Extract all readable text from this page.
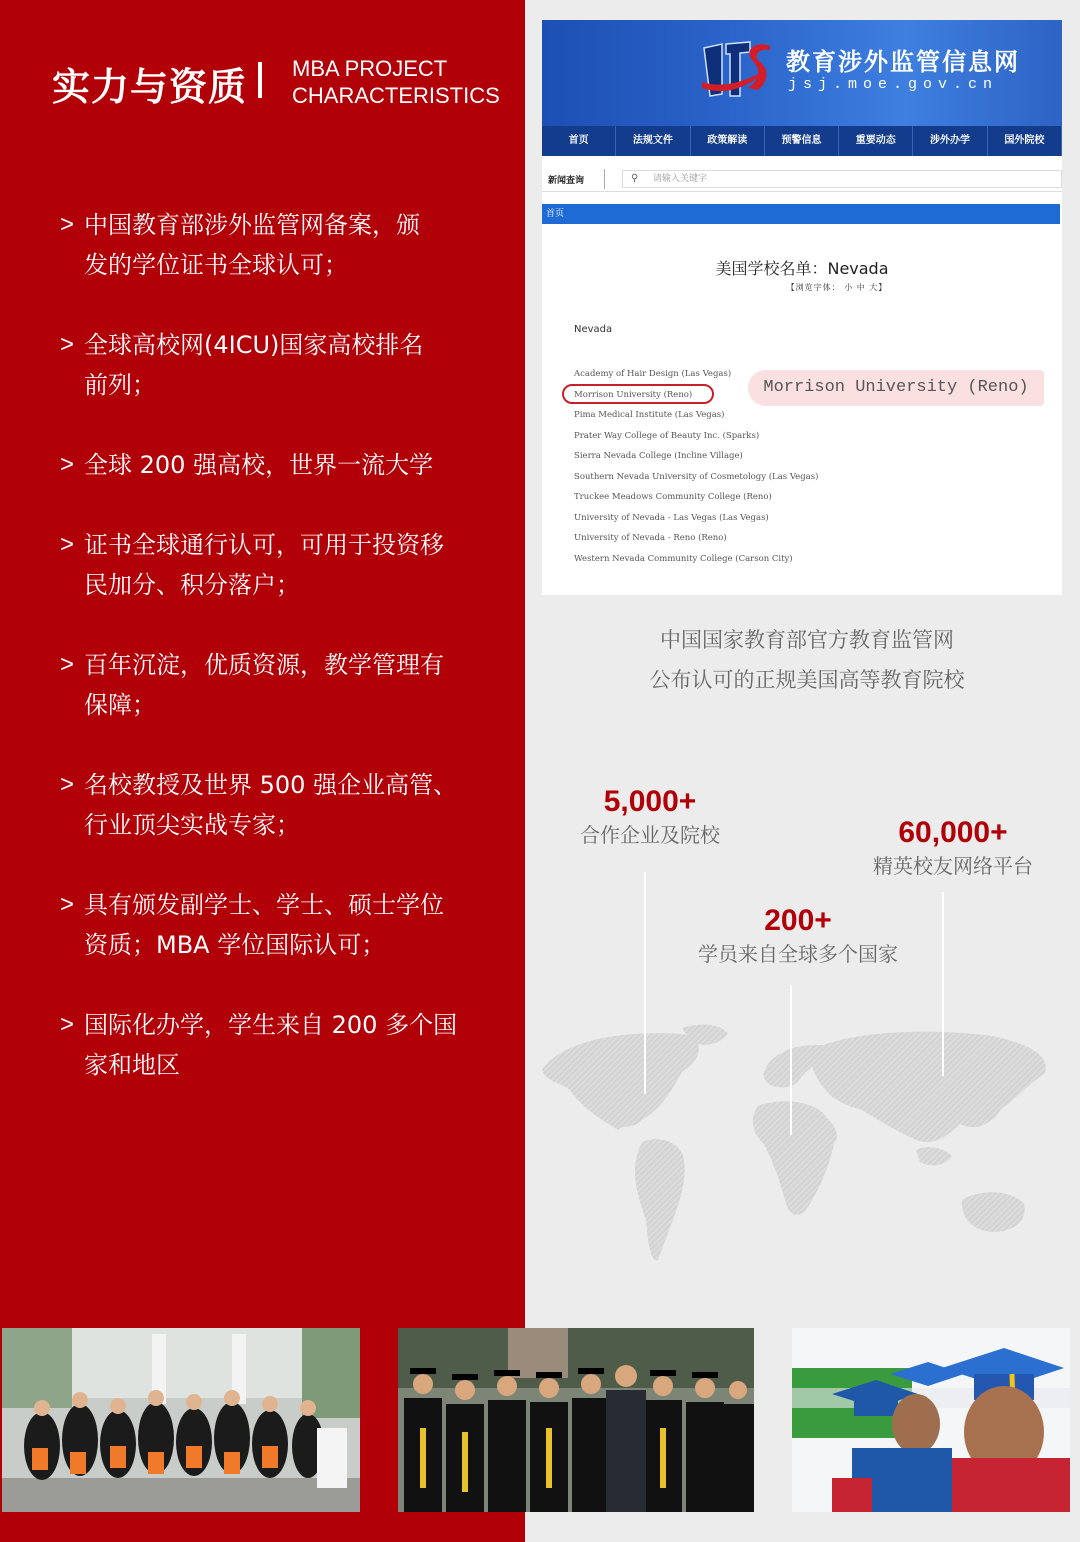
实力与资质 MBA PROJECT
CHARACTERISTICS
> 中国教育部涉外监管网备案，颁
发的学位证书全球认可；
> 全球高校网(4ICU)国家高校排名
前列；
> 全球 200 强高校，世界一流大学
> 证书全球通行认可，可用于投资移
民加分、积分落户；
> 百年沉淀，优质资源，教学管理有
保障；
> 名校教授及世界 500 强企业高管、
行业顶尖实战专家；
> 具有颁发副学士、学士、硕士学位
资质；MBA 学位国际认可；
> 国际化办学，学生来自 200 多个国
家和地区
教育涉外监管信息网
jsj.moe.gov.cn
首页	法规文件	政策解读	预警信息	重要动态	涉外办学	国外院校
新闻查询	⚲ 请输入关键字
首页
美国学校名单：Nevada
【浏览字体： 小 中 大】
Nevada
Academy of Hair Design (Las Vegas)
Morrison University (Reno)
Pima Medical Institute (Las Vegas)
Prater Way College of Beauty Inc. (Sparks)
Sierra Nevada College (Incline Village)
Southern Nevada University of Cosmetology (Las Vegas)
Truckee Meadows Community College (Reno)
University of Nevada - Las Vegas (Las Vegas)
University of Nevada - Reno (Reno)
Western Nevada Community College (Carson City)
Morrison University (Reno)
中国国家教育部官方教育监管网
公布认可的正规美国高等教育院校
5,000+
合作企业及院校	60,000+
精英校友网络平台
200+
学员来自全球多个国家
